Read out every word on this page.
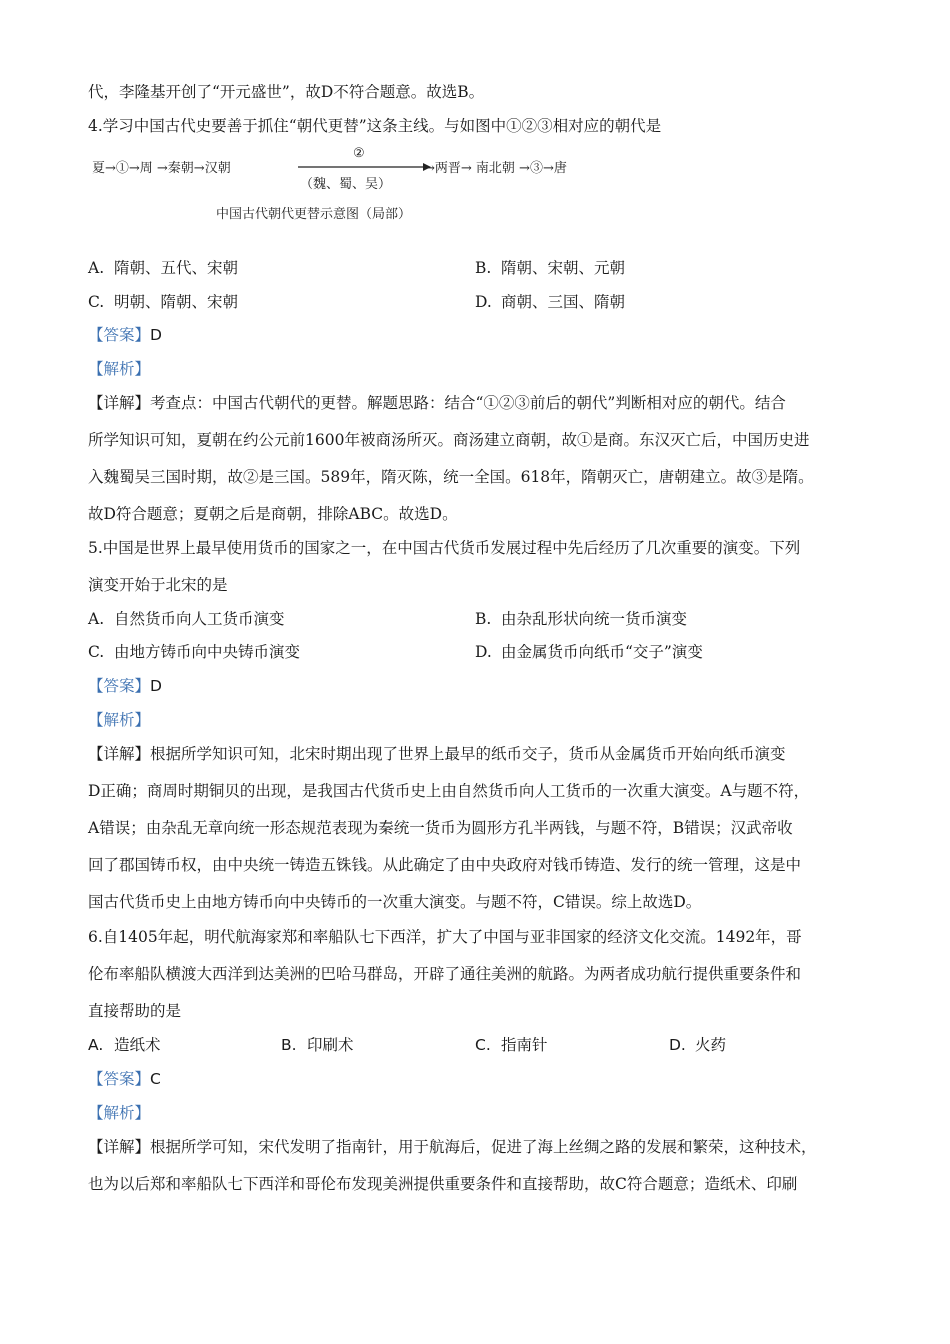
代，李隆基开创了“开元盛世”，故D不符合题意。故选B。
4.学习中国古代史要善于抓住“朝代更替”这条主线。与如图中①②③相对应的朝代是
夏→①→周 →秦朝→汉朝
②
（魏、蜀、吴）
→两晋→ 南北朝 →③→唐
中国古代朝代更替示意图（局部）
A. 隋朝、五代、宋朝	B. 隋朝、宋朝、元朝
C. 明朝、隋朝、宋朝	D. 商朝、三国、隋朝
【答案】D
【解析】
【详解】考查点：中国古代朝代的更替。解题思路：结合“①②③前后的朝代”判断相对应的朝代。结合
所学知识可知，夏朝在约公元前1600年被商汤所灭。商汤建立商朝，故①是商。东汉灭亡后，中国历史进
入魏蜀吴三国时期，故②是三国。589年，隋灭陈，统一全国。618年，隋朝灭亡，唐朝建立。故③是隋。
故D符合题意；夏朝之后是商朝，排除ABC。故选D。
5.中国是世界上最早使用货币的国家之一，在中国古代货币发展过程中先后经历了几次重要的演变。下列
演变开始于北宋的是
A. 自然货币向人工货币演变	B. 由杂乱形状向统一货币演变
C. 由地方铸币向中央铸币演变	D. 由金属货币向纸币“交子”演变
【答案】D
【解析】
【详解】根据所学知识可知，北宋时期出现了世界上最早的纸币交子，货币从金属货币开始向纸币演变
D正确；商周时期铜贝的出现，是我国古代货币史上由自然货币向人工货币的一次重大演变。A与题不符，
A错误；由杂乱无章向统一形态规范表现为秦统一货币为圆形方孔半两钱，与题不符，B错误；汉武帝收
回了郡国铸币权，由中央统一铸造五铢钱。从此确定了由中央政府对钱币铸造、发行的统一管理，这是中
国古代货币史上由地方铸币向中央铸币的一次重大演变。与题不符，C错误。综上故选D。
6.自1405年起，明代航海家郑和率船队七下西洋，扩大了中国与亚非国家的经济文化交流。1492年，哥
伦布率船队横渡大西洋到达美洲的巴哈马群岛，开辟了通往美洲的航路。为两者成功航行提供重要条件和
直接帮助的是
A. 造纸术	B. 印刷术	C. 指南针	D. 火药
【答案】C
【解析】
【详解】根据所学可知，宋代发明了指南针，用于航海后，促进了海上丝绸之路的发展和繁荣，这种技术，
也为以后郑和率船队七下西洋和哥伦布发现美洲提供重要条件和直接帮助，故C符合题意；造纸术、印刷
